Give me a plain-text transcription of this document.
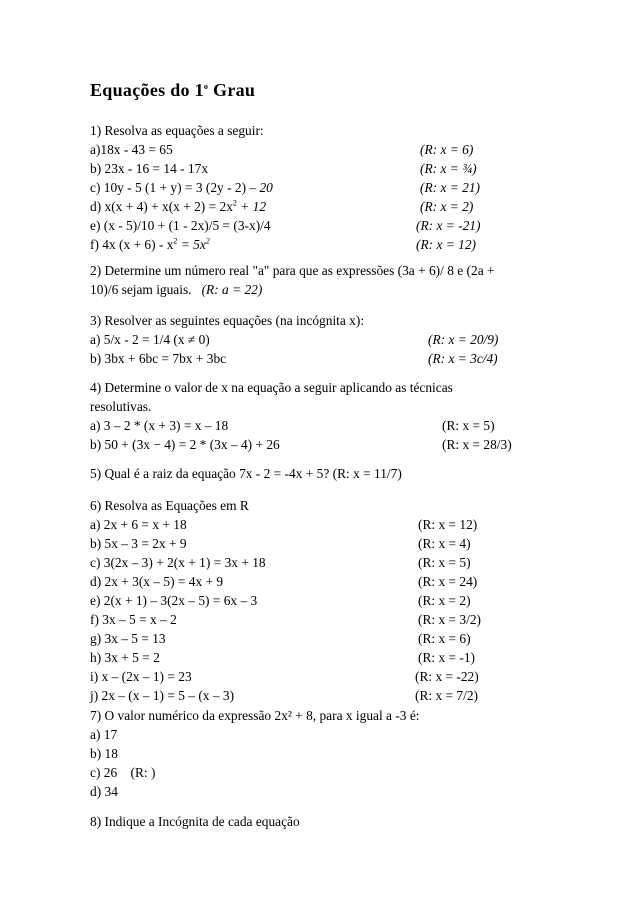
Equações do 1$^o$ Grau
1) Resolva as equações a seguir:
a)18x - 43 = 65	(R: x = 6)
b) 23x - 16 = 14 - 17x	(R: x = ¾)
c) 10y - 5 (1 + y) = 3 (2y - 2) – 20	(R: x = 21)
d) $x(x + 4) + x(x + 2) = 2x^2 + 12$	(R: x = 2)
e) (x - 5)/10 + (1 - 2x)/5 = (3-x)/4	(R: x = -21)
f) 4x $(x + 6) - x^2 = 5x^2$	(R: x = 12)
2) Determine um número real "a" para que as expressões (3a + 6)/ 8 e (2a +
10)/6 sejam iguais. (R: a = 22)
3) Resolver as seguintes equações (na incógnita x):
a) 5/x - 2 = 1/4 (x ≠ 0)	(R: x = 20/9)
b) 3bx + 6bc = 7bx + 3bc	(R: x = 3c/4)
4) Determine o valor de x na equação a seguir aplicando as técnicas
resolutivas.
a) 3 – 2 * (x + 3) = x – 18	(R: x = 5)
b) 50 + (3x − 4) = 2 * (3x – 4) + 26	(R: x = 28/3)
5) Qual é a raiz da equação 7x - 2 = -4x + 5? (R: x = 11/7)
6) Resolva as Equações em R
a) 2x + 6 = x + 18	(R: x = 12)
b) 5x – 3 = 2x + 9	(R: x = 4)
c) 3(2x – 3) + 2(x + 1) = 3x + 18	(R: x = 5)
d) 2x + 3(x – 5) = 4x + 9	(R: x = 24)
e) 2(x + 1) – 3(2x – 5) = 6x – 3	(R: x = 2)
f) 3x – 5 = x – 2	(R: x = 3/2)
g) 3x – 5 = 13	(R: x = 6)
h) 3x + 5 = 2	(R: x = -1)
i) x – (2x – 1) = 23	(R: x = -22)
j) 2x – (x – 1) = 5 – (x – 3)	(R: x = 7/2)
7) O valor numérico da expressão 2x² + 8, para x igual a -3 é:
a) 17
b) 18
c) 26    (R: )
d) 34
8) Indique a Incógnita de cada equação
